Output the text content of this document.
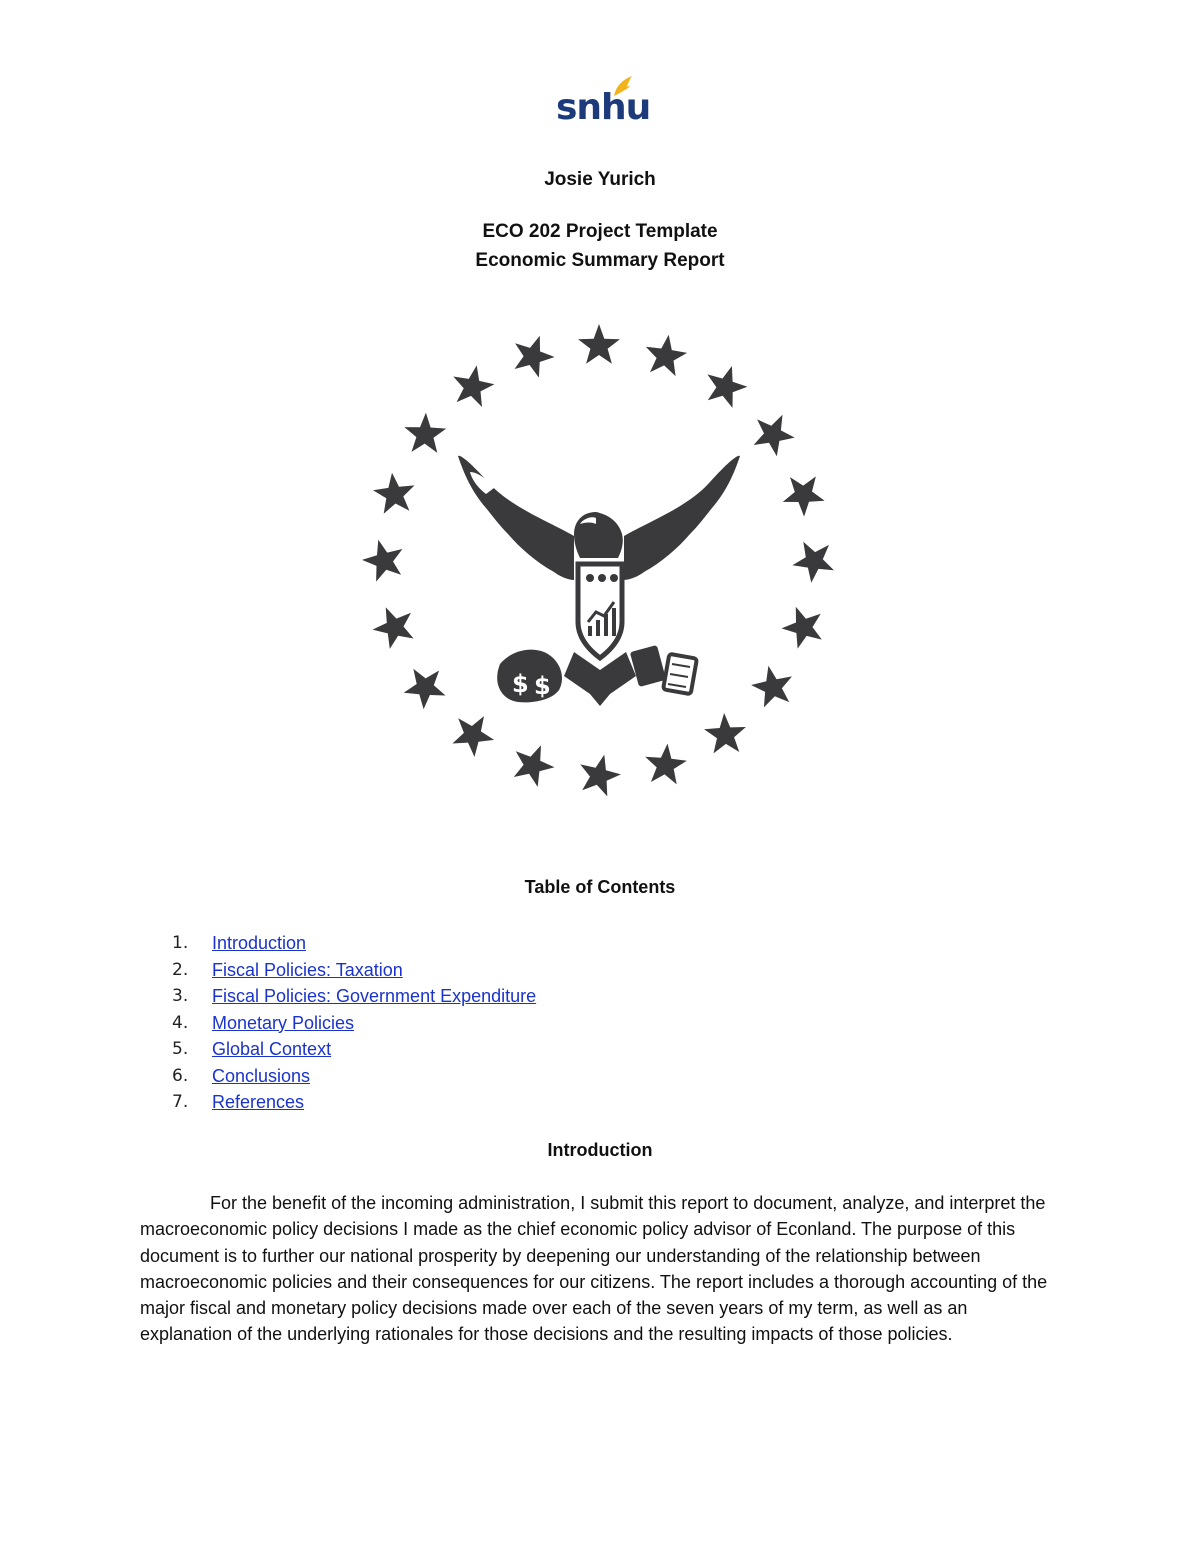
snhu
Josie Yurich
ECO 202 Project Template
Economic Summary Report
$ $
Table of Contents
1.	Introduction
2.	Fiscal Policies: Taxation
3.	Fiscal Policies: Government Expenditure
4.	Monetary Policies
5.	Global Context
6.	Conclusions
7.	References
Introduction

For the benefit of the incoming administration, I submit this report to document, analyze, and interpret the macroeconomic policy decisions I made as the chief economic policy advisor of Econland. The purpose of this document is to further our national prosperity by deepening our understanding of the relationship between macroeconomic policies and their consequences for our citizens. The report includes a thorough accounting of the major fiscal and monetary policy decisions made over each of the seven years of my term, as well as an explanation of the underlying rationales for those decisions and the resulting impacts of those policies.
